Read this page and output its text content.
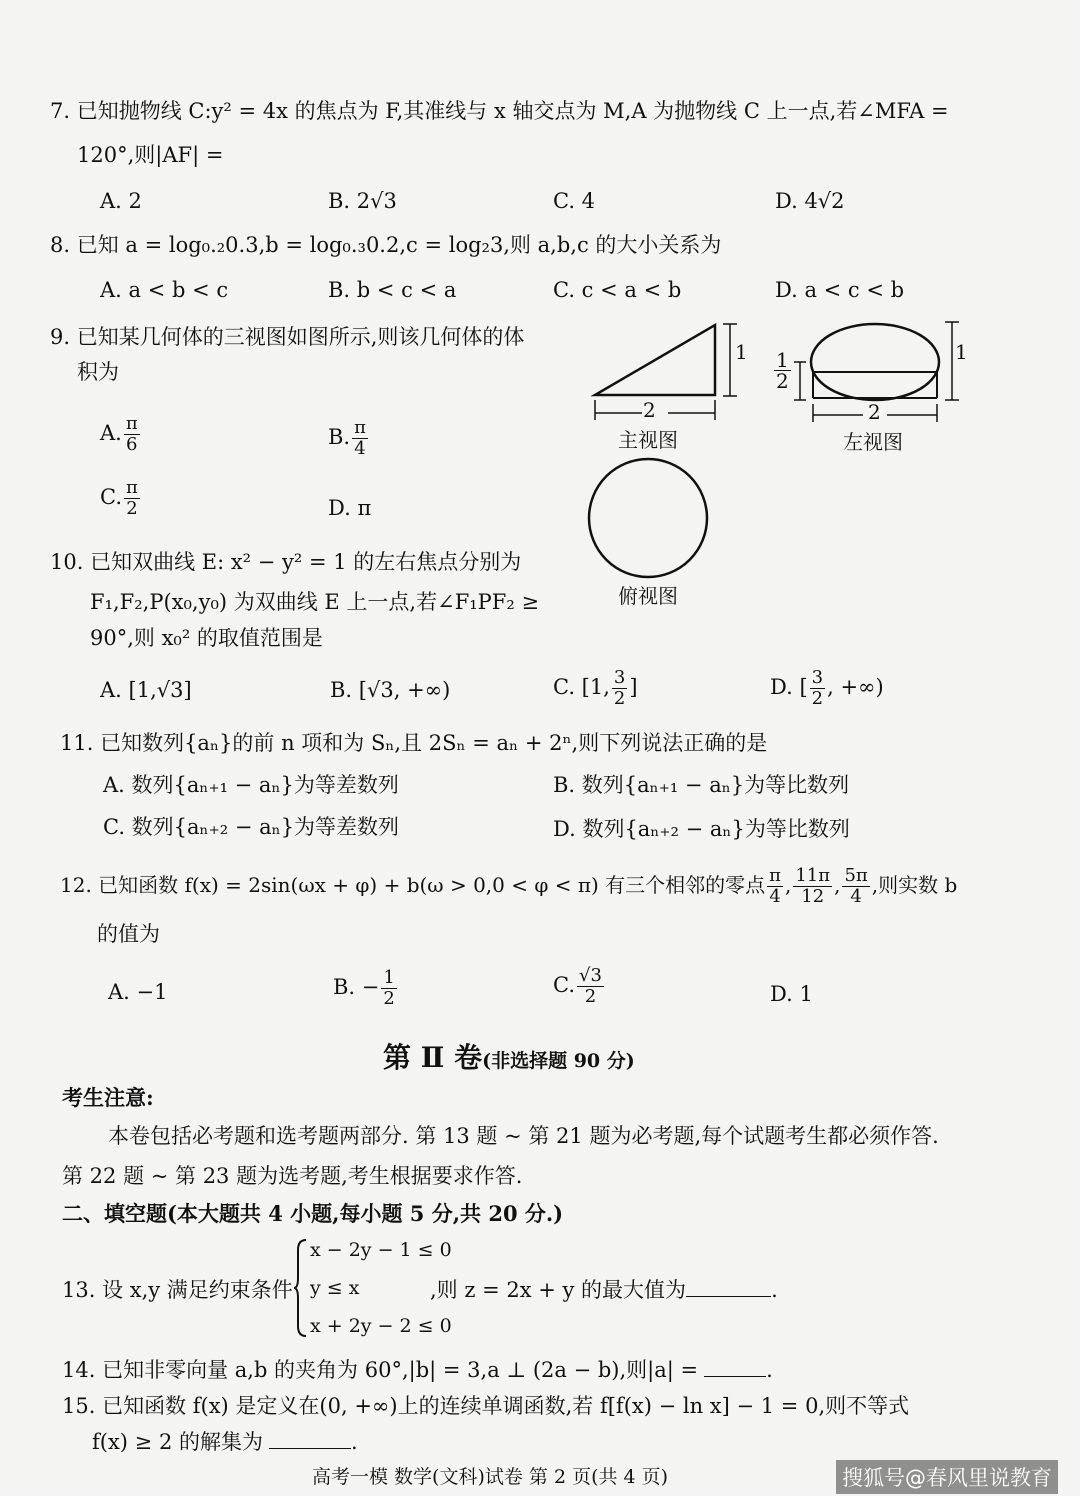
7. 已知抛物线 C:y² = 4x 的焦点为 F,其准线与 x 轴交点为 M,A 为抛物线 C 上一点,若∠MFA =
120°,则|AF| =
A. 2	B. 2√3	C. 4	D. 4√2
8. 已知 a = log₀.₂0.3,b = log₀.₃0.2,c = log₂3,则 a,b,c 的大小关系为
A. a < b < c	B. b < c < a	C. c < a < b	D. a < c < b
9. 已知某几何体的三视图如图所示,则该几何体的体
积为
A. $\frac{\pi}{6}$	B. $\frac{\pi}{4}$
C. $\frac{\pi}{2}$	D. π
2
1
主视图
2
1
$\frac{1}{2}$
左视图
俯视图
10. 已知双曲线 E: x² − y² = 1 的左右焦点分别为
F₁,F₂,P(x₀,y₀) 为双曲线 E 上一点,若∠F₁PF₂ ≥
90°,则 x₀² 的取值范围是
A. [1,√3]	B. [√3, +∞)	C. [1, $\frac{3}{2}$ ]	D. [ $\frac{3}{2}$ , +∞)
11. 已知数列{aₙ}的前 n 项和为 Sₙ,且 2Sₙ = aₙ + 2ⁿ,则下列说法正确的是
A. 数列{aₙ₊₁ − aₙ}为等差数列	B. 数列{aₙ₊₁ − aₙ}为等比数列
C. 数列{aₙ₊₂ − aₙ}为等差数列	D. 数列{aₙ₊₂ − aₙ}为等比数列
12. 已知函数 f(x) = 2sin(ωx + φ) + b(ω > 0,0 < φ < π) 有三个相邻的零点 $\frac{\pi}{4}$ , $\frac{11\pi}{12}$ , $\frac{5\pi}{4}$ ,则实数 b
的值为
A. −1	B. − $\frac{1}{2}$	C. $\frac{√3}{2}$	D. 1
第 Ⅱ 卷(非选择题 90 分)
考生注意:
本卷包括必考题和选考题两部分. 第 13 题 ~ 第 21 题为必考题,每个试题考生都必须作答.
第 22 题 ~ 第 23 题为选考题,考生根据要求作答.
二、填空题(本大题共 4 小题,每小题 5 分,共 20 分.)
13. 设 x,y 满足约束条件
x − 2y − 1 ≤ 0
y ≤ x
x + 2y − 2 ≤ 0
,则 z = 2x + y 的最大值为	.
14. 已知非零向量 a,b 的夹角为 60°,|b| = 3,a ⊥ (2a − b),则|a| =	.
15. 已知函数 f(x) 是定义在(0, +∞)上的连续单调函数,若 f[f(x) − ln x] − 1 = 0,则不等式
f(x) ≥ 2 的解集为	.
高考一模 数学(文科)试卷 第 2 页(共 4 页)	搜狐号@春风里说教育
